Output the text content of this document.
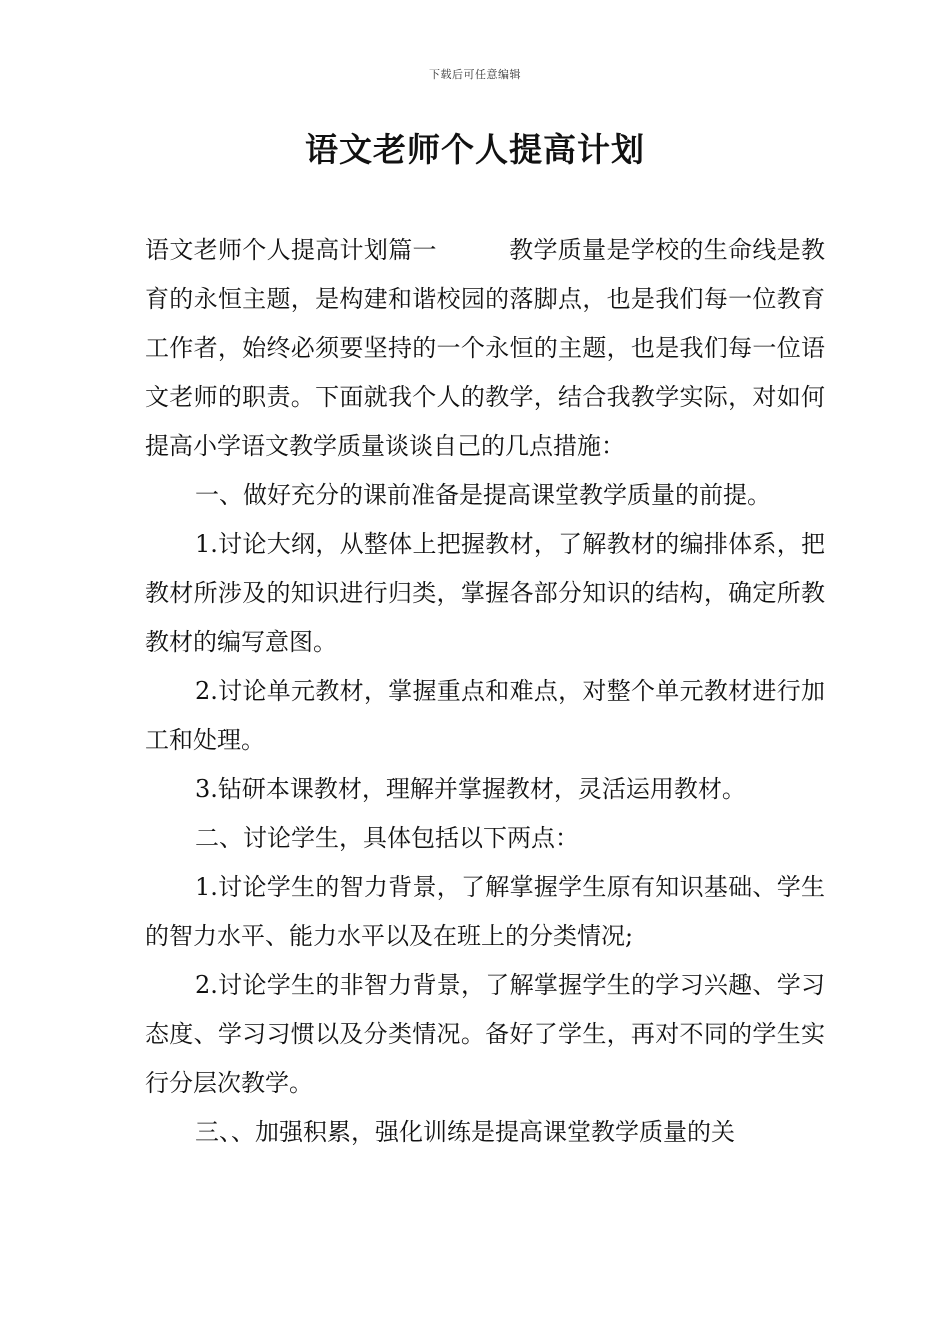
下载后可任意编辑
语文老师个人提高计划

语文老师个人提高计划篇一	教学质量是学校的生命线是教育的永恒主题，是构建和谐校园的落脚点，也是我们每一位教育工作者，始终必须要坚持的一个永恒的主题，也是我们每一位语文老师的职责。下面就我个人的教学，结合我教学实际，对如何提高小学语文教学质量谈谈自己的几点措施：

一、做好充分的课前准备是提高课堂教学质量的前提。

1.讨论大纲，从整体上把握教材，了解教材的编排体系，把教材所涉及的知识进行归类，掌握各部分知识的结构，确定所教教材的编写意图。

2.讨论单元教材，掌握重点和难点，对整个单元教材进行加工和处理。

3.钻研本课教材，理解并掌握教材，灵活运用教材。

二、讨论学生，具体包括以下两点：

1.讨论学生的智力背景，了解掌握学生原有知识基础、学生的智力水平、能力水平以及在班上的分类情况;

2.讨论学生的非智力背景，了解掌握学生的学习兴趣、学习态度、学习习惯以及分类情况。备好了学生，再对不同的学生实行分层次教学。

三、、加强积累，强化训练是提高课堂教学质量的关
